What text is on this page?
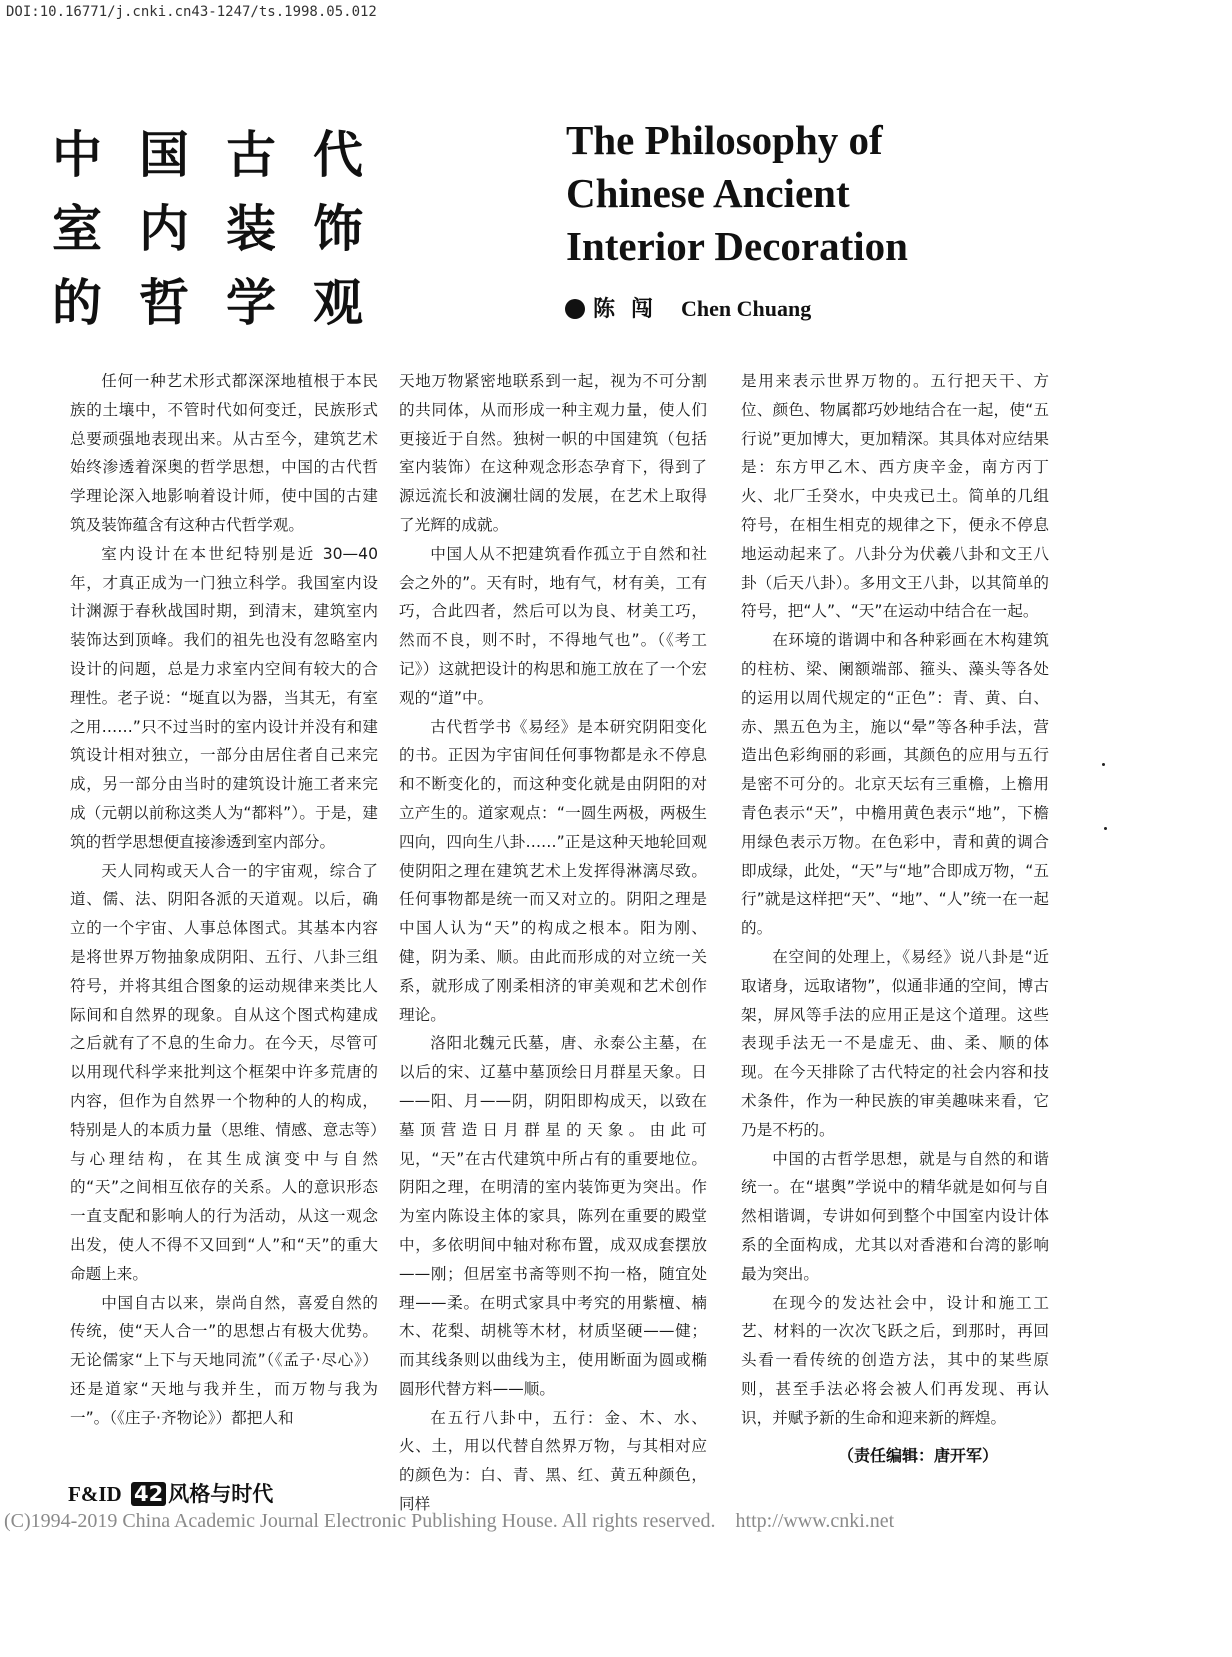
DOI:10.16771/j.cnki.cn43-1247/ts.1998.05.012
中国古代
室内装饰
的哲学观
The Philosophy of
Chinese Ancient
Interior Decoration
陈闯 Chen Chuang

任何一种艺术形式都深深地植根于本民族的土壤中，不管时代如何变迁，民族形式总要顽强地表现出来。从古至今，建筑艺术始终渗透着深奥的哲学思想，中国的古代哲学理论深入地影响着设计师，使中国的古建筑及装饰蕴含有这种古代哲学观。

室内设计在本世纪特别是近 30—40 年，才真正成为一门独立科学。我国室内设计渊源于春秋战国时期，到清末，建筑室内装饰达到顶峰。我们的祖先也没有忽略室内设计的问题，总是力求室内空间有较大的合理性。老子说：“埏直以为器，当其无，有室之用……”只不过当时的室内设计并没有和建筑设计相对独立，一部分由居住者自己来完成，另一部分由当时的建筑设计施工者来完成（元朝以前称这类人为“都料”）。于是，建筑的哲学思想便直接渗透到室内部分。

天人同构或天人合一的宇宙观，综合了道、儒、法、阴阳各派的天道观。以后，确立的一个宇宙、人事总体图式。其基本内容是将世界万物抽象成阴阳、五行、八卦三组符号，并将其组合图象的运动规律来类比人际间和自然界的现象。自从这个图式构建成之后就有了不息的生命力。在今天，尽管可以用现代科学来批判这个框架中许多荒唐的内容，但作为自然界一个物种的人的构成，特别是人的本质力量（思维、情感、意志等）与心理结构，在其生成演变中与自然的“天”之间相互依存的关系。人的意识形态一直支配和影响人的行为活动，从这一观念出发，使人不得不又回到“人”和“天”的重大命题上来。

中国自古以来，崇尚自然，喜爱自然的传统，使“天人合一”的思想占有极大优势。无论儒家“上下与天地同流”（《孟子·尽心》）还是道家“天地与我并生，而万物与我为一”。（《庄子·齐物论》）都把人和

天地万物紧密地联系到一起，视为不可分割的共同体，从而形成一种主观力量，使人们更接近于自然。独树一帜的中国建筑（包括室内装饰）在这种观念形态孕育下，得到了源远流长和波澜壮阔的发展，在艺术上取得了光辉的成就。

中国人从不把建筑看作孤立于自然和社会之外的”。天有时，地有气，材有美，工有巧，合此四者，然后可以为良、材美工巧，然而不良，则不时，不得地气也”。（《考工记》）这就把设计的构思和施工放在了一个宏观的“道”中。

古代哲学书《易经》是本研究阴阳变化的书。正因为宇宙间任何事物都是永不停息和不断变化的，而这种变化就是由阴阳的对立产生的。道家观点：“一圆生两极，两极生四向，四向生八卦……”正是这种天地轮回观使阴阳之理在建筑艺术上发挥得淋漓尽致。任何事物都是统一而又对立的。阴阳之理是中国人认为“天”的构成之根本。阳为刚、健，阴为柔、顺。由此而形成的对立统一关系，就形成了刚柔相济的审美观和艺术创作理论。

洛阳北魏元氏墓，唐、永泰公主墓，在以后的宋、辽墓中墓顶绘日月群星天象。日——阳、月——阴，阴阳即构成天，以致在墓顶营造日月群星的天象。由此可见，“天”在古代建筑中所占有的重要地位。阴阳之理，在明清的室内装饰更为突出。作为室内陈设主体的家具，陈列在重要的殿堂中，多依明间中轴对称布置，成双成套摆放——刚；但居室书斋等则不拘一格，随宜处理——柔。在明式家具中考究的用紫檀、楠木、花梨、胡桃等木材，材质坚硬——健；而其线条则以曲线为主，使用断面为圆或椭圆形代替方料——顺。

在五行八卦中，五行：金、木、水、火、土，用以代替自然界万物，与其相对应的颜色为：白、青、黑、红、黄五种颜色，同样

是用来表示世界万物的。五行把天干、方位、颜色、物属都巧妙地结合在一起，使“五行说”更加博大，更加精深。其具体对应结果是：东方甲乙木、西方庚辛金，南方丙丁火、北厂壬癸水，中央戎已土。简单的几组符号，在相生相克的规律之下，便永不停息地运动起来了。八卦分为伏羲八卦和文王八卦（后天八卦）。多用文王八卦，以其简单的符号，把“人”、“天”在运动中结合在一起。

在环境的谐调中和各种彩画在木构建筑的柱枋、梁、阑额端部、箍头、藻头等各处的运用以周代规定的“正色”：青、黄、白、赤、黑五色为主，施以“晕”等各种手法，营造出色彩绚丽的彩画，其颜色的应用与五行是密不可分的。北京天坛有三重檐，上檐用青色表示“天”，中檐用黄色表示“地”，下檐用绿色表示万物。在色彩中，青和黄的调合即成绿，此处，“天”与“地”合即成万物，“五行”就是这样把“天”、“地”、“人”统一在一起的。

在空间的处理上，《易经》说八卦是“近取诸身，远取诸物”，似通非通的空间，博古架，屏风等手法的应用正是这个道理。这些表现手法无一不是虚无、曲、柔、顺的体现。在今天排除了古代特定的社会内容和技术条件，作为一种民族的审美趣味来看，它乃是不朽的。

中国的古哲学思想，就是与自然的和谐统一。在“堪舆”学说中的精华就是如何与自然相谐调，专讲如何到整个中国室内设计体系的全面构成，尤其以对香港和台湾的影响最为突出。

在现今的发达社会中，设计和施工工艺、材料的一次次飞跃之后，到那时，再回头看一看传统的创造方法，其中的某些原则，甚至手法必将会被人们再发现、再认识，并赋予新的生命和迎来新的辉煌。

（责任编辑：唐开军）
F&ID 42 风格与时代
(C)1994-2019 China Academic Journal Electronic Publishing House. All rights reserved. http://www.cnki.net
